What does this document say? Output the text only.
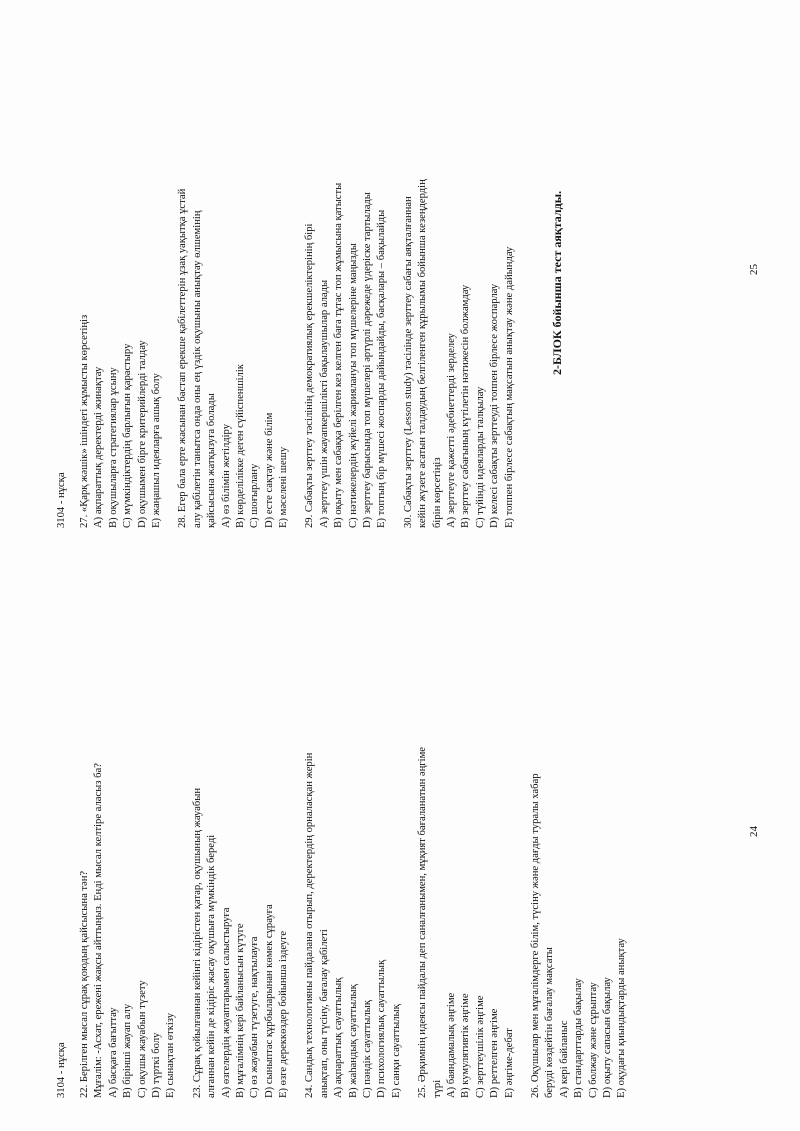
3104 - нұсқа 22. Берілген мысал сұрақ қоюдың қайсысына тән? Мұғалім: -Асхат, ережені жақсы айттыңыз. Енді мысал келтіре аласыз ба? A) басқаға бағыттау B) бірінші жауап алу C) оқушы жауабын түзету D) түрткі болу E) сынақтан өткізу 23. Сұрақ қойылғаннан кейінгі кідірістен қатар, оқушының жауабын алғаннан кейін де кідіріс жасау оқушыға мүмкіндік береді A) өзгелердің жауаптарымен салыстыруға B) мұғалімнің кері байланысын күтуге C) өз жауабын түзетуге, нақтылауға D) сыныптас құрбыларынан көмек сұрауға E) өзге дереккөздер бойынша іздеуге 24. Сандық технологияны пайдалана отырып, деректердің орналасқан жерін анықтап, оны түсіну, бағалау қабілеті A) ақпараттық сауаттылық B) жаһандық сауаттылық C) пәндік сауаттылық D) психологиялық сауаттылық E) санқи сауаттылық 25. Әрқимнің идеясы пайдалы деп саналғанымен, мұқият бағаланатын әңгіме түрі A) баяндамалық әңгіме B) кумулятивтік әңгіме C) зерттеушілік әңгіме D) реттелген әңгіме E) әңгіме-дебат 26. Оқушылар мен мұғалімдерге білім, түсіну және дағды туралы хабар беруді көздейтін бағалау мақсаты A) кері байланыс B) стандарттарды бақылау C) болжау және сұрыптау D) оқыту сапасын бақылау E) оқудағы қиындықтарды анықтау
24
3104 - нұсқа 27. «Қарқ жәшік» ішіндегі жұмысты көрсетіңіз A) ақпараттық деректерді жинақтау B) оқушыларға стратегиялар ұсыну C) мүмкіндіктердің барлығын қарастыру D) оқушымен бірге критерийлерді талдау E) жаңашыл идеяларға ашық болу 28. Егер бала ерте жасынан бастап ерекше қабілеттерін ұзақ уақытқа ұстай алу қабілетін танытса онда оны ең үздік оқушыны анықтау өлшемінің қайсысына жатқызуға болады A) өз білімін жетілдіру B) көрделілікке деген сүйіспеншілік C) шоғырлану D) есте сақтау және білім E) мәселені шешу 29. Сабақты зерттеу тәсілінің демократиялық ерекшеліктерінің бірі A) зерттеу үшін жауапкершілікті бақылаушылар алады B) оқыту мен сабаққа берілген кез келген баға тұтас топ жұмысына қатысты C) нәтижелердің жүйелі жариялануы топ мүшелеріне маңызды D) зерттеу барысында топ мүшелері әртүрлі дәрежеде үдеріске тартылады E) топтың бір мүшесі жоспарды дайындайды, басқалары – бақылайды 30. Сабақты зерттеу (Lesson study) тәсілінде зерттеу сабағы аяқталғаннан кейін жүзеге асатын талдаудың белгіленген құрылымы бойынша кезеңдердің бірін көрсетіңіз A) зерттеуге қажетті әдебиеттерді зерделеу B) зерттеу сабағының күтілетін нәтижесін болжамдау C) түйінді идеяларды талқылау D) келесі сабақты зерттеуді топпен бірлесе жоспарлау E) топпен бірлесе сабақтың мақсатын анықтау және дайындау	2-БЛОК бойынша тест аяқталды.	25
